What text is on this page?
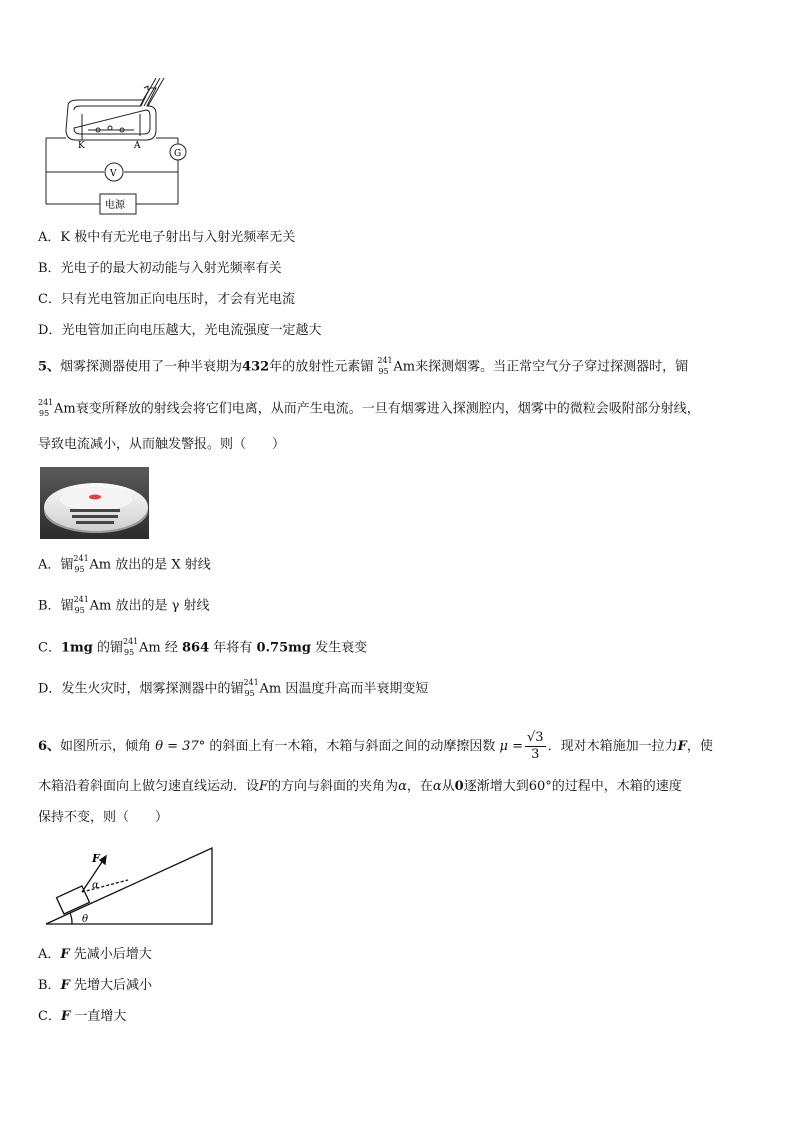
K	A
G
V
电源
A．K 极中有无光电子射出与入射光频率无关
B．光电子的最大初动能与入射光频率有关
C．只有光电管加正向电压时，才会有光电流
D．光电管加正向电压越大，光电流强度一定越大
5、烟雾探测器使用了一种半衰期为432年的放射性元素镅 241
95 Am来探测烟雾。当正常空气分子穿过探测器时，镅
241
95 Am衰变所释放的射线会将它们电离，从而产生电流。一旦有烟雾进入探测腔内，烟雾中的微粒会吸附部分射线，
导致电流减小，从而触发警报。则（　　）
A．镅 241
95 Am 放出的是 X 射线
B．镅 241
95 Am 放出的是 γ 射线
C．1mg 的镅 241
95 Am 经 864 年将有 0.75mg 发生衰变
D．发生火灾时，烟雾探测器中的镅 241
95 Am 因温度升高而半衰期变短
6、如图所示，倾角 θ = 37° 的斜面上有一木箱，木箱与斜面之间的动摩擦因数 $\mu = \frac{√3}{3}$ ．现对木箱施加一拉力F，使
木箱沿着斜面向上做匀速直线运动．设F的方向与斜面的夹角为α，在α从0逐渐增大到60°的过程中，木箱的速度
保持不变，则（　　）
F
α
θ
A．F 先减小后增大
B．F 先增大后减小
C．F 一直增大
